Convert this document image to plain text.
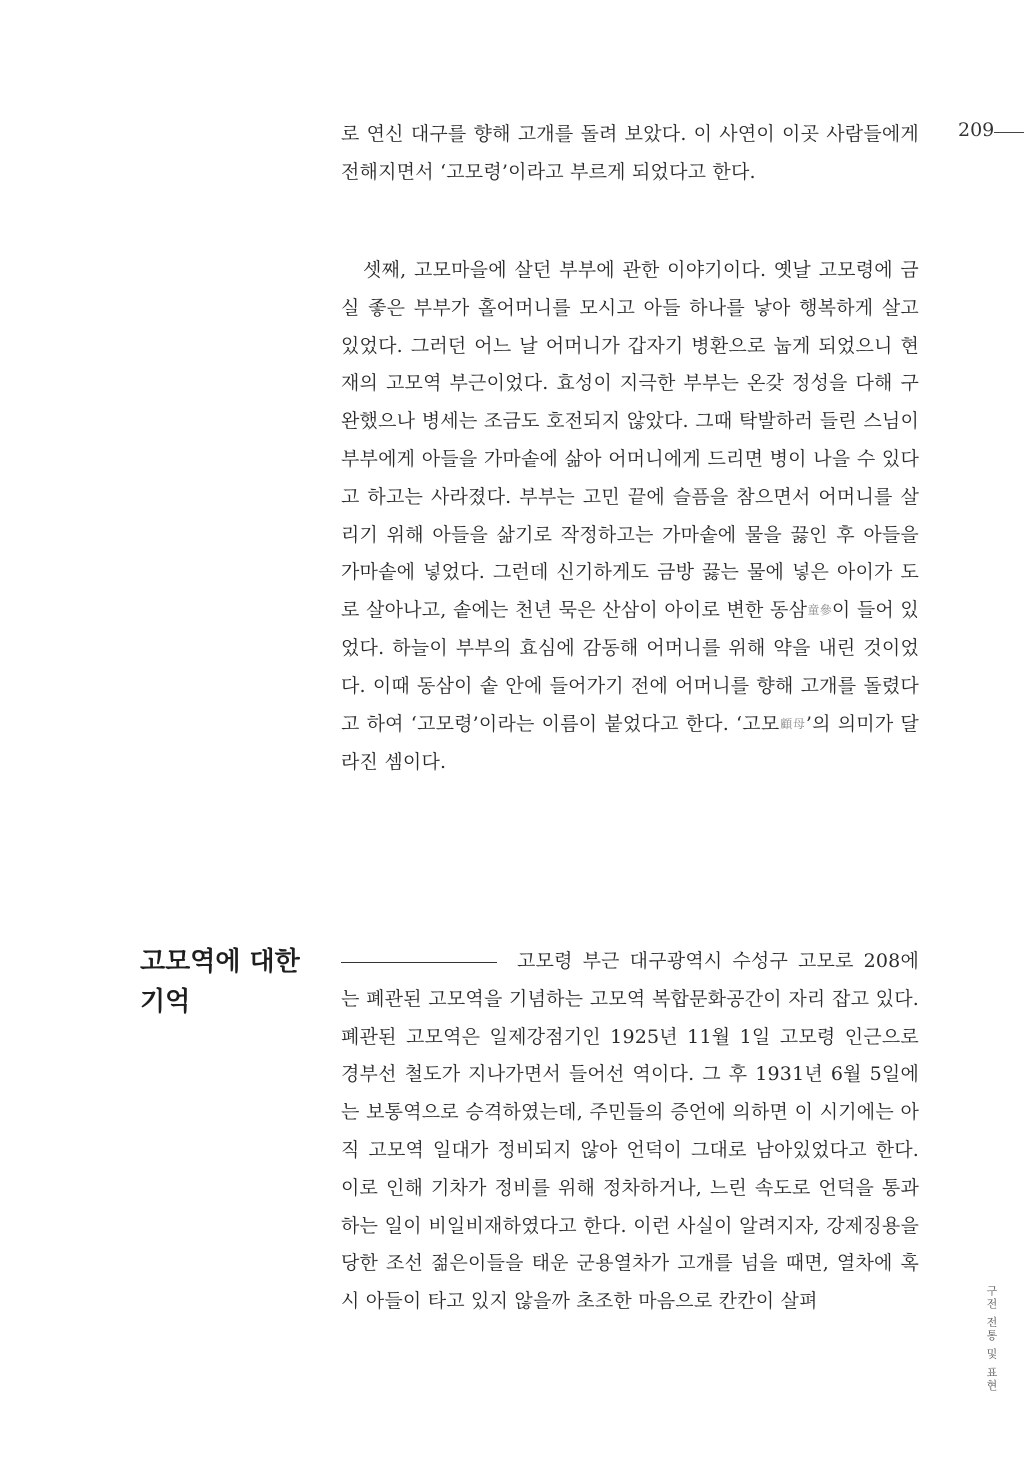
209

로 연신 대구를 향해 고개를 돌려 보았다. 이 사연이 이곳 사람들에게 전해지면서 ‘고모령’이라고 부르게 되었다고 한다.

셋째, 고모마을에 살던 부부에 관한 이야기이다. 옛날 고모령에 금실 좋은 부부가 홀어머니를 모시고 아들 하나를 낳아 행복하게 살고 있었다. 그러던 어느 날 어머니가 갑자기 병환으로 눕게 되었으니 현재의 고모역 부근이었다. 효성이 지극한 부부는 온갖 정성을 다해 구완했으나 병세는 조금도 호전되지 않았다. 그때 탁발하러 들린 스님이 부부에게 아들을 가마솥에 삶아 어머니에게 드리면 병이 나을 수 있다고 하고는 사라졌다. 부부는 고민 끝에 슬픔을 참으면서 어머니를 살리기 위해 아들을 삶기로 작정하고는 가마솥에 물을 끓인 후 아들을 가마솥에 넣었다. 그런데 신기하게도 금방 끓는 물에 넣은 아이가 도로 살아나고, 솥에는 천년 묵은 산삼이 아이로 변한 동삼童參이 들어 있었다. 하늘이 부부의 효심에 감동해 어머니를 위해 약을 내린 것이었다. 이때 동삼이 솥 안에 들어가기 전에 어머니를 향해 고개를 돌렸다고 하여 ‘고모령’이라는 이름이 붙었다고 한다. ‘고모顧母’의 의미가 달라진 셈이다.

고모역에 대한 기억

고모령 부근 대구광역시 수성구 고모로 208에는 폐관된 고모역을 기념하는 고모역 복합문화공간이 자리 잡고 있다. 폐관된 고모역은 일제강점기인 1925년 11월 1일 고모령 인근으로 경부선 철도가 지나가면서 들어선 역이다. 그 후 1931년 6월 5일에는 보통역으로 승격하였는데, 주민들의 증언에 의하면 이 시기에는 아직 고모역 일대가 정비되지 않아 언덕이 그대로 남아있었다고 한다. 이로 인해 기차가 정비를 위해 정차하거나, 느린 속도로 언덕을 통과하는 일이 비일비재하였다고 한다. 이런 사실이 알려지자, 강제징용을 당한 조선 젊은이들을 태운 군용열차가 고개를 넘을 때면, 열차에 혹시 아들이 타고 있지 않을까 초조한 마음으로 칸칸이 살펴	구전 전통 및 표현
